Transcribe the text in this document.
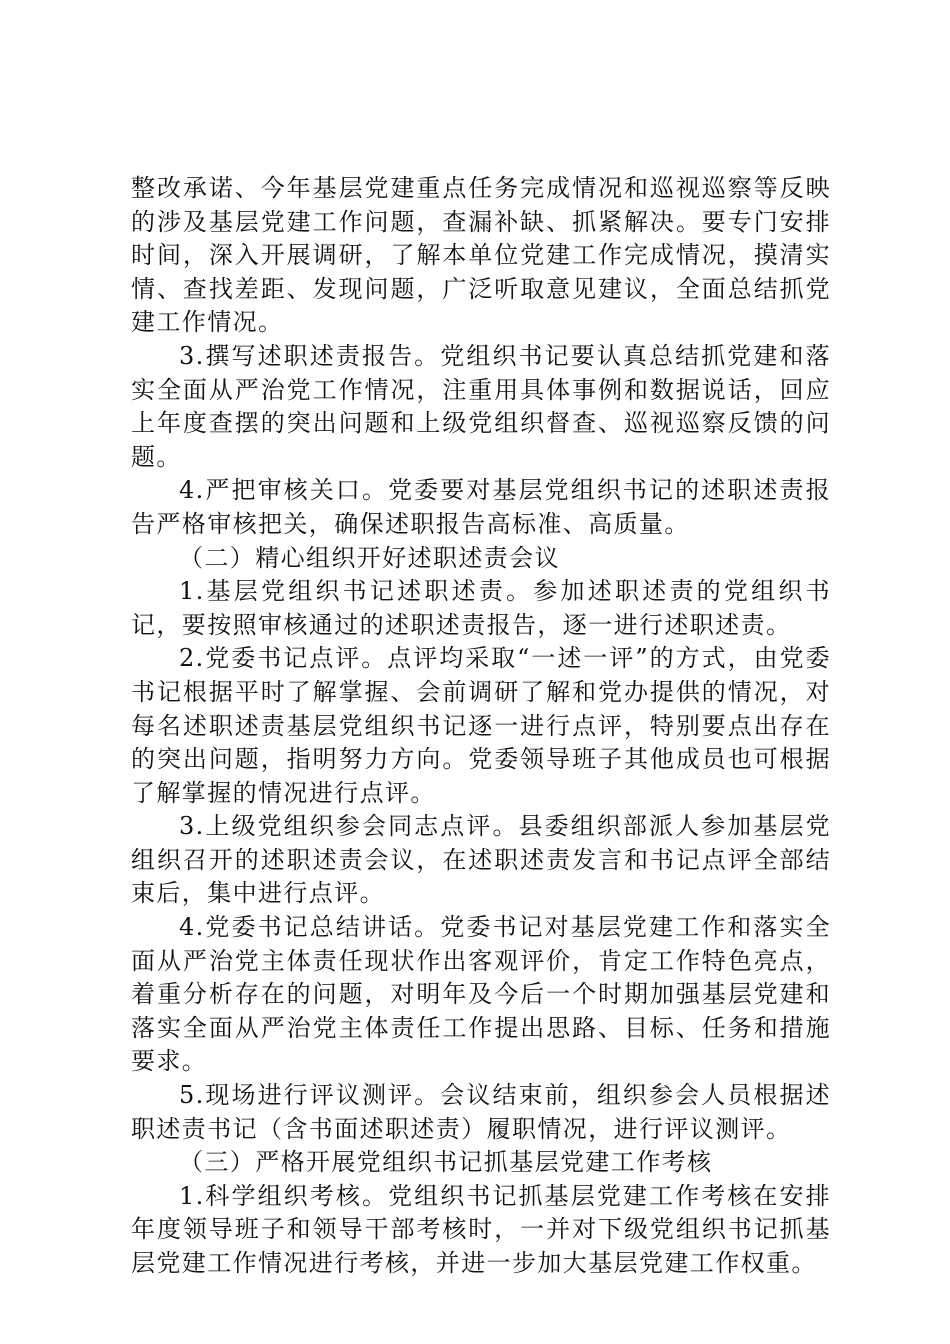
整改承诺、今年基层党建重点任务完成情况和巡视巡察等反映的涉及基层党建工作问题，查漏补缺、抓紧解决。要专门安排时间，深入开展调研，了解本单位党建工作完成情况，摸清实情、查找差距、发现问题，广泛听取意见建议，全面总结抓党建工作情况。

3.撰写述职述责报告。党组织书记要认真总结抓党建和落实全面从严治党工作情况，注重用具体事例和数据说话，回应上年度查摆的突出问题和上级党组织督查、巡视巡察反馈的问题。

4.严把审核关口。党委要对基层党组织书记的述职述责报告严格审核把关，确保述职报告高标准、高质量。

（二）精心组织开好述职述责会议

1.基层党组织书记述职述责。参加述职述责的党组织书记，要按照审核通过的述职述责报告，逐一进行述职述责。

2.党委书记点评。点评均采取“一述一评”的方式，由党委书记根据平时了解掌握、会前调研了解和党办提供的情况，对每名述职述责基层党组织书记逐一进行点评，特别要点出存在的突出问题，指明努力方向。党委领导班子其他成员也可根据了解掌握的情况进行点评。

3.上级党组织参会同志点评。县委组织部派人参加基层党组织召开的述职述责会议，在述职述责发言和书记点评全部结束后，集中进行点评。

4.党委书记总结讲话。党委书记对基层党建工作和落实全面从严治党主体责任现状作出客观评价，肯定工作特色亮点，着重分析存在的问题，对明年及今后一个时期加强基层党建和落实全面从严治党主体责任工作提出思路、目标、任务和措施要求。

5.现场进行评议测评。会议结束前，组织参会人员根据述职述责书记（含书面述职述责）履职情况，进行评议测评。

（三）严格开展党组织书记抓基层党建工作考核

1.科学组织考核。党组织书记抓基层党建工作考核在安排年度领导班子和领导干部考核时，一并对下级党组织书记抓基层党建工作情况进行考核，并进一步加大基层党建工作权重。
